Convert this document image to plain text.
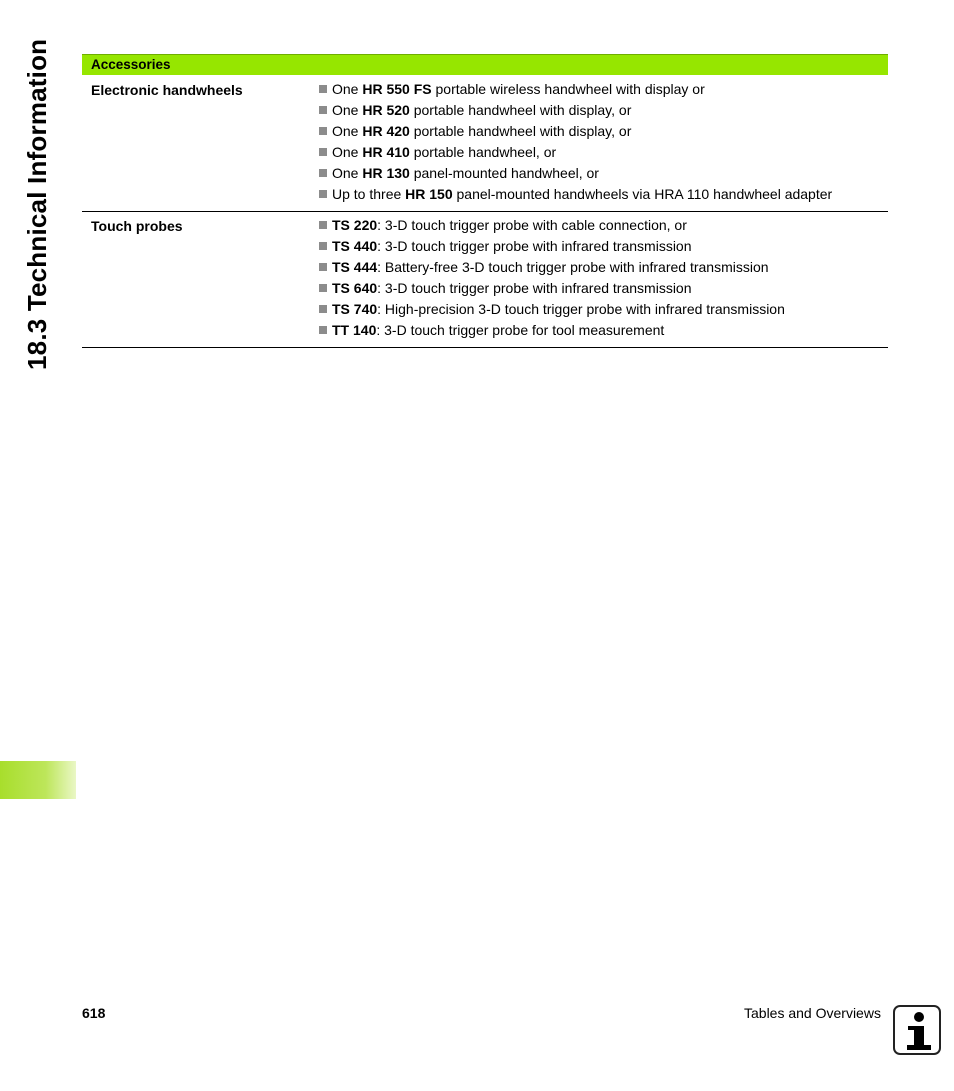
18.3 Technical Information	Accessories
Electronic handwheels	One HR 550 FS portable wireless handwheel with display or
One HR 520 portable handwheel with display, or
One HR 420 portable handwheel with display, or
One HR 410 portable handwheel, or
One HR 130 panel-mounted handwheel, or
Up to three HR 150 panel-mounted handwheels via HRA 110 handwheel adapter
Touch probes	TS 220: 3-D touch trigger probe with cable connection, or
TS 440: 3-D touch trigger probe with infrared transmission
TS 444: Battery-free 3-D touch trigger probe with infrared transmission
TS 640: 3-D touch trigger probe with infrared transmission
TS 740: High-precision 3-D touch trigger probe with infrared transmission
TT 140: 3-D touch trigger probe for tool measurement
618	Tables and Overviews
